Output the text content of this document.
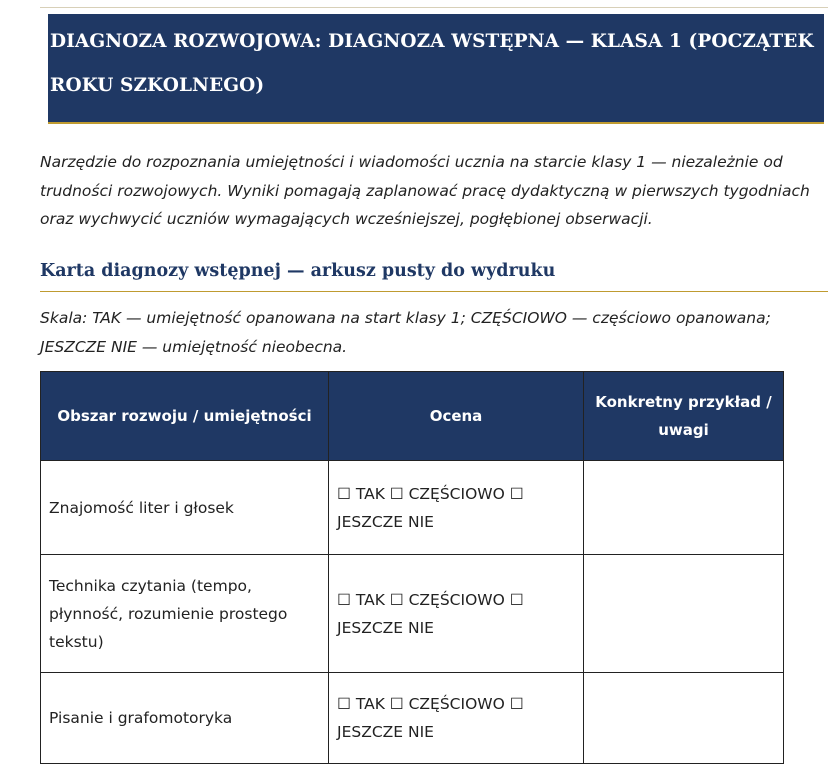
DIAGNOZA ROZWOJOWA: DIAGNOZA WSTĘPNA — KLASA 1 (POCZĄTEK ROKU SZKOLNEGO)

Narzędzie do rozpoznania umiejętności i wiadomości ucznia na starcie klasy 1 — niezależnie od trudności rozwojowych. Wyniki pomagają zaplanować pracę dydaktyczną w pierwszych tygodniach oraz wychwycić uczniów wymagających wcześniejszej, pogłębionej obserwacji.

Karta diagnozy wstępnej — arkusz pusty do wydruku

Skala: TAK — umiejętność opanowana na start klasy 1; CZĘŚCIOWO — częściowo opanowana; JESZCZE NIE — umiejętność nieobecna.

Obszar rozwoju / umiejętności	Ocena	Konkretny przykład / uwagi
Znajomość liter i głosek	☐ TAK ☐ CZĘŚCIOWO ☐ JESZCZE NIE	
Technika czytania (tempo, płynność, rozumienie prostego tekstu)	☐ TAK ☐ CZĘŚCIOWO ☐ JESZCZE NIE	
Pisanie i grafomotoryka	☐ TAK ☐ CZĘŚCIOWO ☐ JESZCZE NIE	
